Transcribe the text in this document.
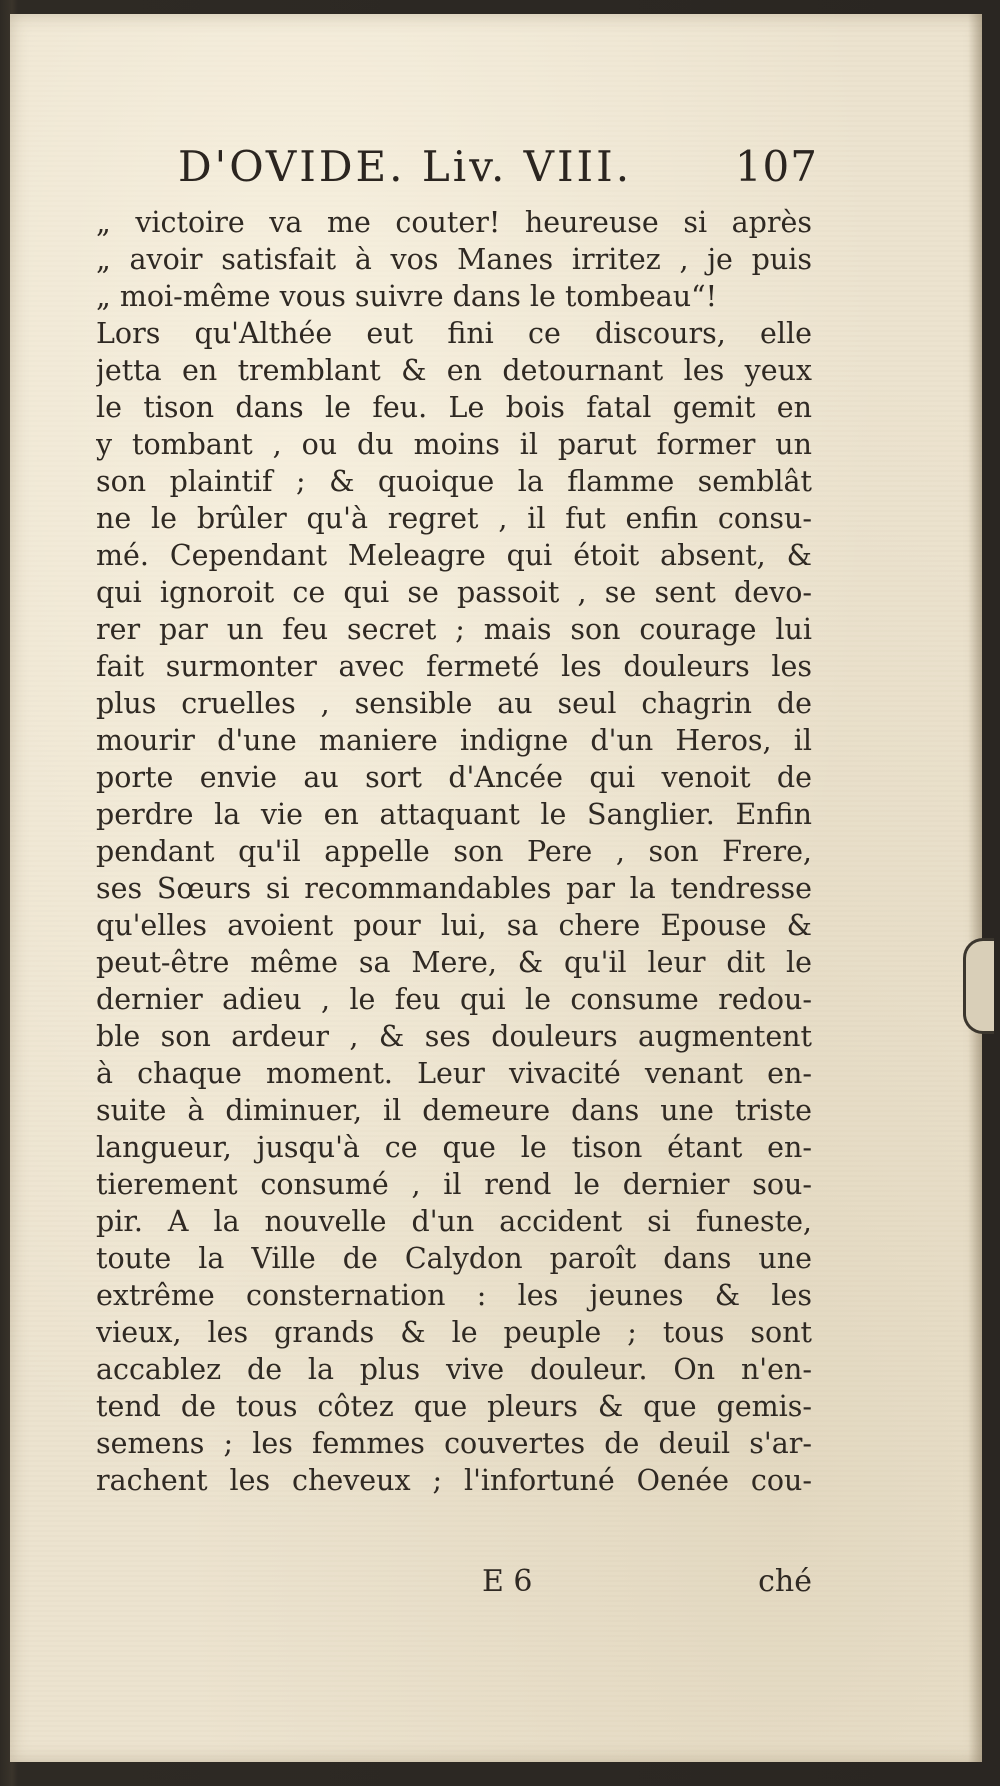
D'OVIDE. Liv. VIII. 107
„ victoire va me couter! heureuse si après
„ avoir satisfait à vos Manes irritez , je puis
„ moi-même vous suivre dans le tombeau“!
Lors qu'Althée eut fini ce discours, elle
jetta en tremblant & en detournant les yeux
le tison dans le feu. Le bois fatal gemit en
y tombant , ou du moins il parut former un
son plaintif ; & quoique la flamme semblât
ne le brûler qu'à regret , il fut enfin consu-
mé. Cependant Meleagre qui étoit absent, &
qui ignoroit ce qui se passoit , se sent devo-
rer par un feu secret ; mais son courage lui
fait surmonter avec fermeté les douleurs les
plus cruelles , sensible au seul chagrin de
mourir d'une maniere indigne d'un Heros, il
porte envie au sort d'Ancée qui venoit de
perdre la vie en attaquant le Sanglier. Enfin
pendant qu'il appelle son Pere , son Frere,
ses Sœurs si recommandables par la tendresse
qu'elles avoient pour lui, sa chere Epouse &
peut-être même sa Mere, & qu'il leur dit le
dernier adieu , le feu qui le consume redou-
ble son ardeur , & ses douleurs augmentent
à chaque moment. Leur vivacité venant en-
suite à diminuer, il demeure dans une triste
langueur, jusqu'à ce que le tison étant en-
tierement consumé , il rend le dernier sou-
pir. A la nouvelle d'un accident si funeste,
toute la Ville de Calydon paroît dans une
extrême consternation : les jeunes & les
vieux, les grands & le peuple ; tous sont
accablez de la plus vive douleur. On n'en-
tend de tous côtez que pleurs & que gemis-
semens ; les femmes couvertes de deuil s'ar-
rachent les cheveux ; l'infortuné Oenée cou-
E 6	ché
